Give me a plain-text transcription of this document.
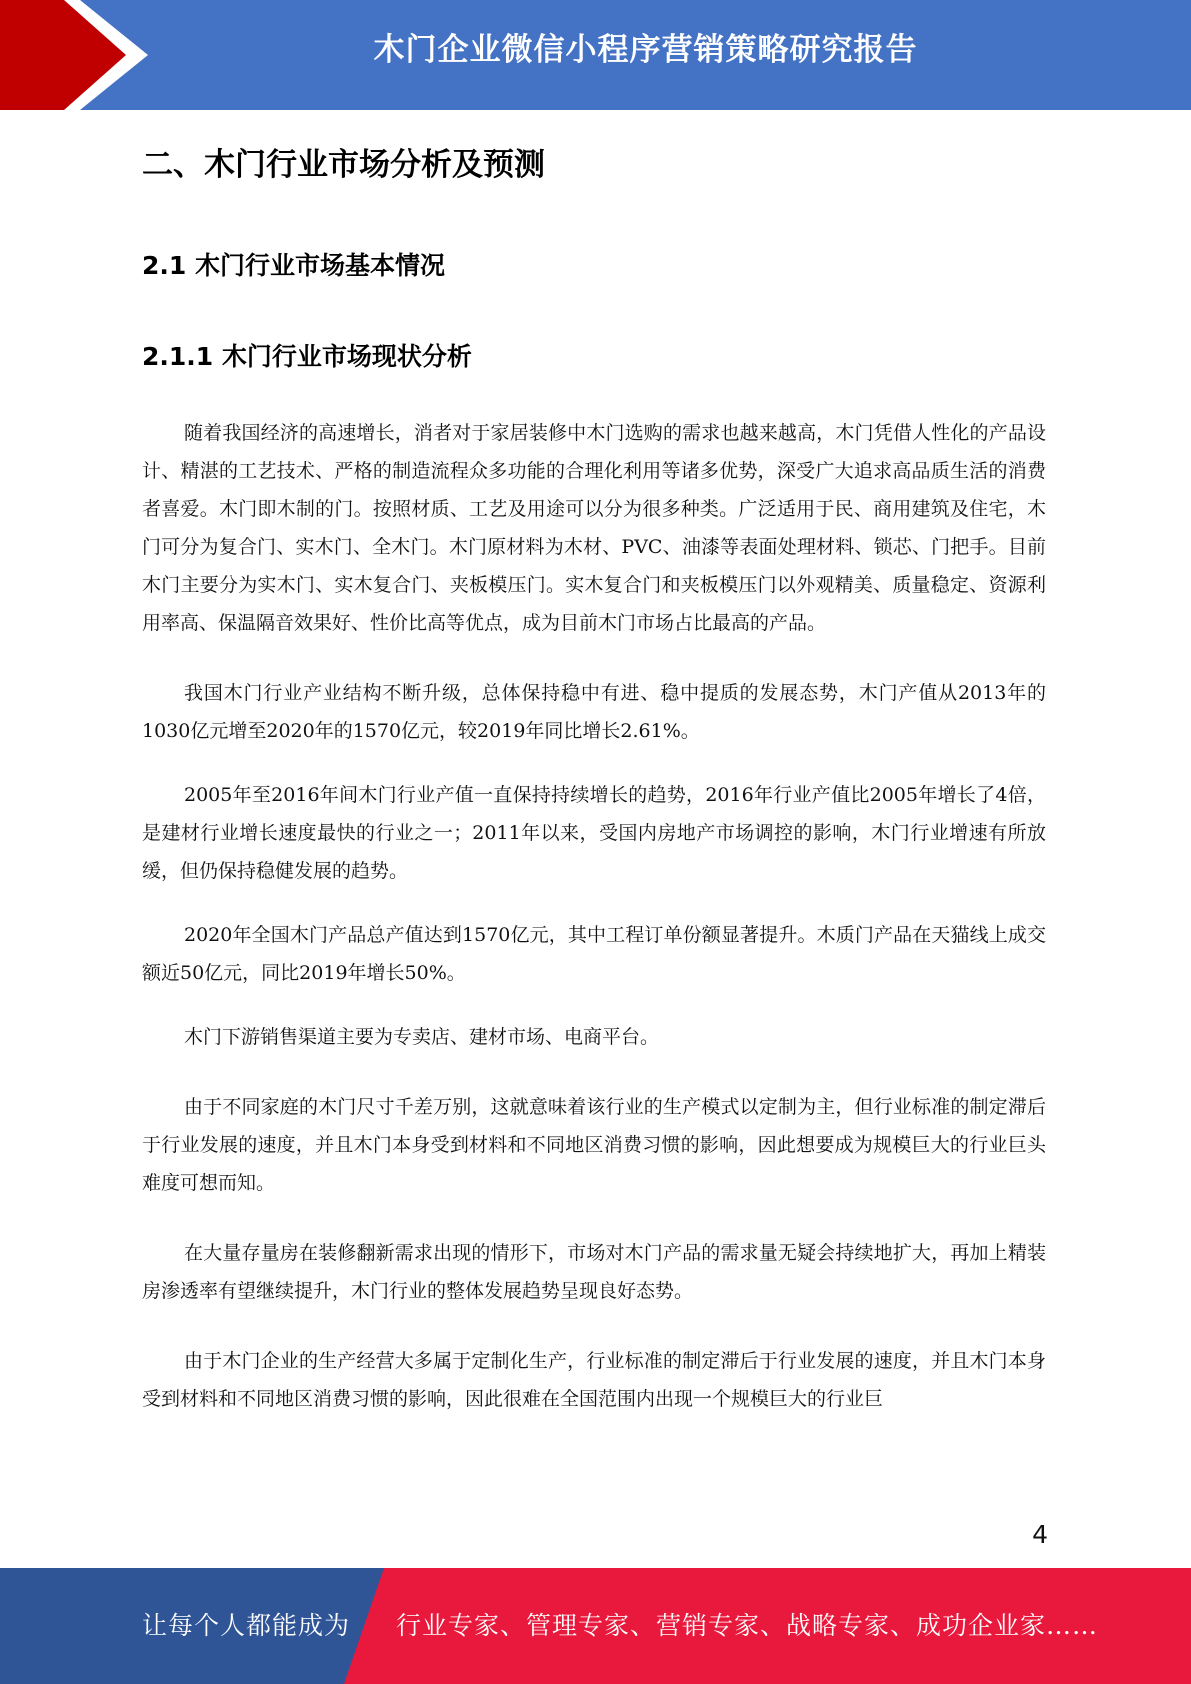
木门企业微信小程序营销策略研究报告
二、木门行业市场分析及预测
2.1 木门行业市场基本情况
2.1.1 木门行业市场现状分析

随着我国经济的高速增长，消者对于家居装修中木门选购的需求也越来越高，木门凭借人性化的产品设计、精湛的工艺技术、严格的制造流程众多功能的合理化利用等诸多优势，深受广大追求高品质生活的消费者喜爱。木门即木制的门。按照材质、工艺及用途可以分为很多种类。广泛适用于民、商用建筑及住宅，木门可分为复合门、实木门、全木门。木门原材料为木材、PVC、油漆等表面处理材料、锁芯、门把手。目前木门主要分为实木门、实木复合门、夹板模压门。实木复合门和夹板模压门以外观精美、质量稳定、资源利用率高、保温隔音效果好、性价比高等优点，成为目前木门市场占比最高的产品。

我国木门行业产业结构不断升级，总体保持稳中有进、稳中提质的发展态势，木门产值从2013年的1030亿元增至2020年的1570亿元，较2019年同比增长2.61%。

2005年至2016年间木门行业产值一直保持持续增长的趋势，2016年行业产值比2005年增长了4倍，是建材行业增长速度最快的行业之一；2011年以来，受国内房地产市场调控的影响，木门行业增速有所放缓，但仍保持稳健发展的趋势。

2020年全国木门产品总产值达到1570亿元，其中工程订单份额显著提升。木质门产品在天猫线上成交额近50亿元，同比2019年增长50%。

木门下游销售渠道主要为专卖店、建材市场、电商平台。

由于不同家庭的木门尺寸千差万别，这就意味着该行业的生产模式以定制为主，但行业标准的制定滞后于行业发展的速度，并且木门本身受到材料和不同地区消费习惯的影响，因此想要成为规模巨大的行业巨头难度可想而知。

在大量存量房在装修翻新需求出现的情形下，市场对木门产品的需求量无疑会持续地扩大，再加上精装房渗透率有望继续提升，木门行业的整体发展趋势呈现良好态势。

由于木门企业的生产经营大多属于定制化生产，行业标准的制定滞后于行业发展的速度，并且木门本身受到材料和不同地区消费习惯的影响，因此很难在全国范围内出现一个规模巨大的行业巨

4
让每个人都能成为 行业专家、管理专家、营销专家、战略专家、成功企业家……
